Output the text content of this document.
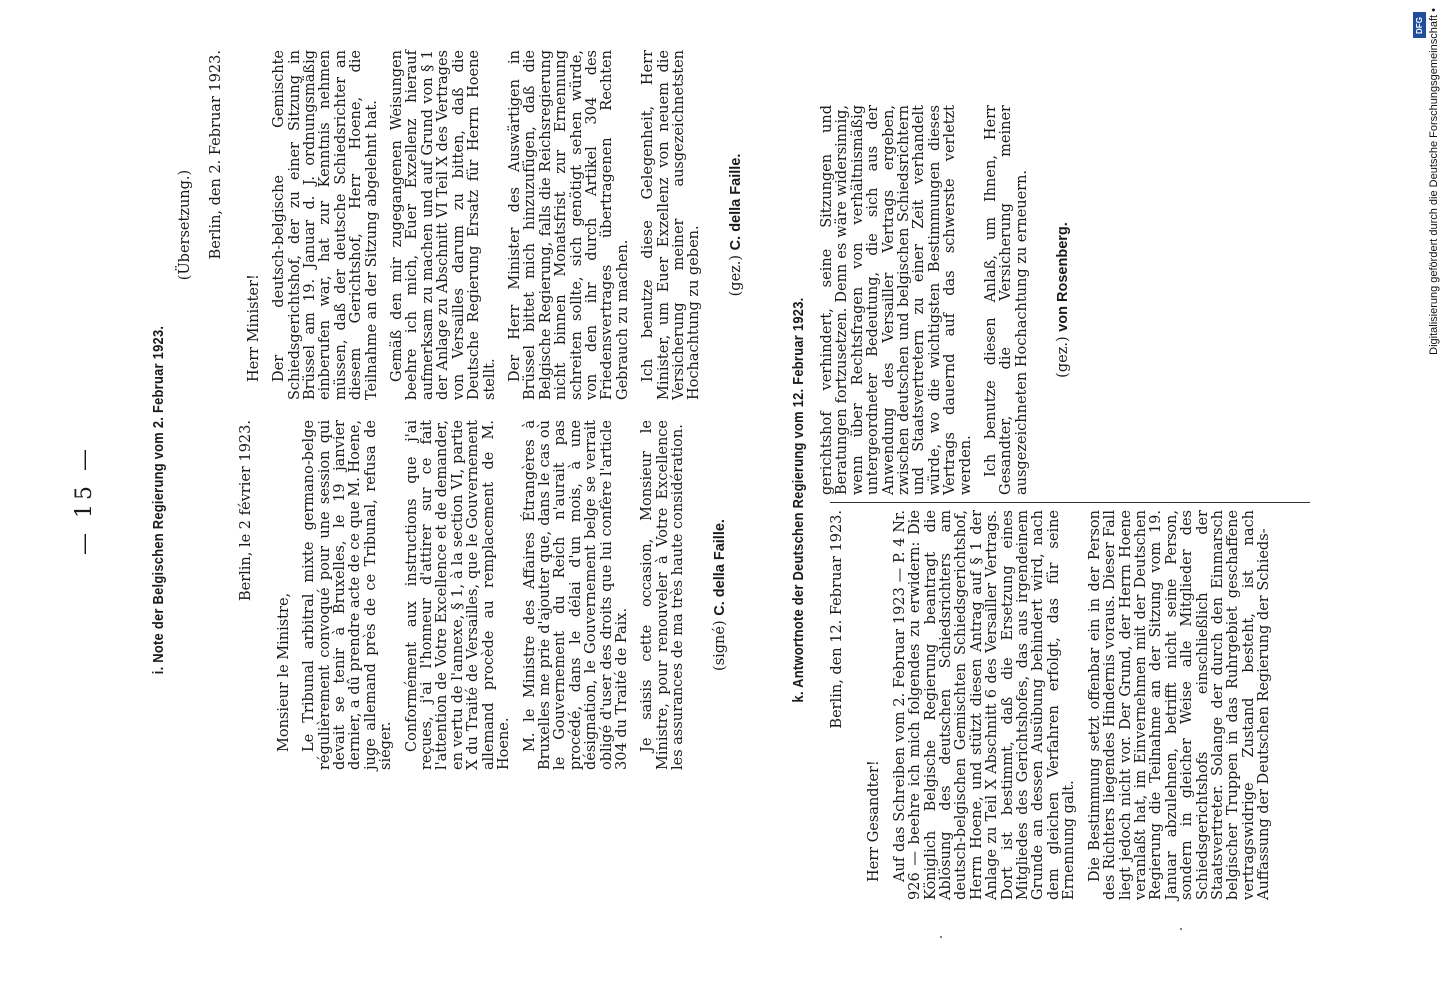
— 15 —	i. Note der Belgischen Regierung vom 2. Februar 1923.	Berlin, le 2 février 1923.
Monsieur le Ministre, Le Tribunal arbitral mixte germano-belge régulièrement convoqué pour une session qui devait se tenir à Bruxelles, le 19 janvier dernier, a dû prendre acte de ce que M. Hoene, juge allemand près de ce Tribunal, refusa de siéger. Conformément aux instructions que j'ai reçues, j'ai l'honneur d'attirer sur ce fait l'attention de Votre Excellence et de demander, en vertu de l'annexe, § 1, à la section VI, partie X du Traité de Versailles, que le Gouvernement allemand procède au remplacement de M. Hoene. M. le Ministre des Affaires Étrangères à Bruxelles me prie d'ajouter que, dans le cas où le Gouvernement du Reich n'aurait pas procédé, dans le délai d'un mois, à une désignation, le Gouvernement belge se verrait obligé d'user des droits que lui confère l'article 304 du Traité de Paix. Je saisis cette occasion, Monsieur le Ministre, pour renouveler à Votre Excellence les assurances de ma très haute considération. (signé) C. della Faille.
(Übersetzung.) Berlin, den 2. Februar 1923.
Herr Minister! Der deutsch-belgische Gemischte Schiedsgerichtshof, der zu einer Sitzung in Brüssel am 19. Januar d. J. ordnungsmäßig einberufen war, hat zur Kenntnis nehmen müssen, daß der deutsche Schiedsrichter an diesem Gerichtshof, Herr Hoene, die Teilnahme an der Sitzung abgelehnt hat. Gemäß den mir zugegangenen Weisungen beehre ich mich, Euer Exzellenz hierauf aufmerksam zu machen und auf Grund von § 1 der Anlage zu Abschnitt VI Teil X des Vertrages von Versailles darum zu bitten, daß die Deutsche Regierung Ersatz für Herrn Hoene stellt. Der Herr Minister des Auswärtigen in Brüssel bittet mich hinzuzufügen, daß die Belgische Regierung, falls die Reichsregierung nicht binnen Monatsfrist zur Ernennung schreiten sollte, sich genötigt sehen würde, von den ihr durch Artikel 304 des Friedensvertrages übertragenen Rechten Gebrauch zu machen. Ich benutze diese Gelegenheit, Herr Minister, um Euer Exzellenz von neuem die Versicherung meiner ausgezeichnetsten Hochachtung zu geben. (gez.) C. della Faille.
k. Antwortnote der Deutschen Regierung vom 12. Februar 1923. Berlin, den 12. Februar 1923.
Herr Gesandter! Auf das Schreiben vom 2. Februar 1923 — P. 4 Nr. 926 — beehre ich mich folgendes zu erwidern: Die Königlich Belgische Regierung beantragt die Ablösung des deutschen Schiedsrichters am deutsch-belgischen Gemischten Schiedsgerichtshof, Herrn Hoene, und stützt diesen Antrag auf § 1 der Anlage zu Teil X Abschnitt 6 des Versailler Vertrags. Dort ist bestimmt, daß die Ersetzung eines Mitgliedes des Gerichtshofes, das aus irgendeinem Grunde an dessen Ausübung behindert wird, nach dem gleichen Verfahren erfolgt, das für seine Ernennung galt. Die Bestimmung setzt offenbar ein in der Person des Richters liegendes Hindernis voraus. Dieser Fall liegt jedoch nicht vor. Der Grund, der Herrn Hoene veranlaßt hat, im Einvernehmen mit der Deutschen Regierung die Teilnahme an der Sitzung vom 19. Januar abzulehnen, betrifft nicht seine Person, sondern in gleicher Weise alle Mitglieder des Schiedsgerichtshofs einschließlich der Staatsvertreter. Solange der durch den Einmarsch belgischer Truppen in das Ruhrgebiet geschaffene vertragswidrige Zustand besteht, ist nach Auffassung der Deutschen Regierung der Schieds-

gerichtshof verhindert, seine Sitzungen und Beratungen fortzusetzen. Denn es wäre widersinnig, wenn über Rechtsfragen von verhältnismäßig untergeordneter Bedeutung, die sich aus der Anwendung des Versailler Vertrags ergeben, zwischen deutschen und belgischen Schiedsrichtern und Staatsvertretern zu einer Zeit verhandelt würde, wo die wichtigsten Bestimmungen dieses Vertrags dauernd auf das schwerste verletzt werden. Ich benutze diesen Anlaß, um Ihnen, Herr Gesandter, die Versicherung meiner ausgezeichneten Hochachtung zu erneuern. (gez.) von Rosenberg.	Digitalisierung gefördert durch die Deutsche Forschungsgemeinschaft •
DFG
